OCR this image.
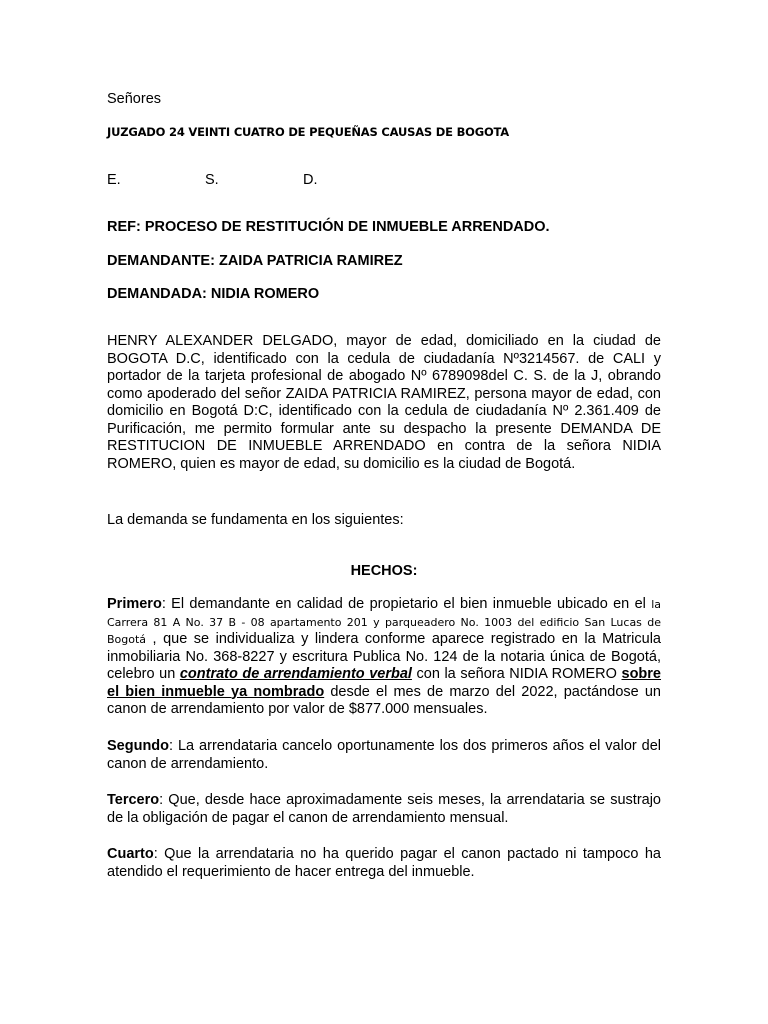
Señores
JUZGADO 24 VEINTI CUATRO DE PEQUEÑAS CAUSAS DE BOGOTA
E.	S.	D.
REF: PROCESO DE RESTITUCIÓN DE INMUEBLE ARRENDADO.
DEMANDANTE: ZAIDA PATRICIA RAMIREZ
DEMANDADA: NIDIA ROMERO
HENRY ALEXANDER DELGADO, mayor de edad, domiciliado en la ciudad de BOGOTA D.C, identificado con la cedula de ciudadanía Nº3214567. de CALI y portador de la tarjeta profesional de abogado Nº 6789098del C. S. de la J, obrando como apoderado del señor ZAIDA PATRICIA RAMIREZ, persona mayor de edad, con domicilio en Bogotá D:C, identificado con la cedula de ciudadanía Nº 2.361.409 de Purificación, me permito formular ante su despacho la presente DEMANDA DE RESTITUCION DE INMUEBLE ARRENDADO en contra de la señora NIDIA ROMERO, quien es mayor de edad, su domicilio es la ciudad de Bogotá.
La demanda se fundamenta en los siguientes:
HECHOS:
Primero: El demandante en calidad de propietario el bien inmueble ubicado en el la Carrera 81 A No. 37 B - 08 apartamento 201 y parqueadero No. 1003 del edificio San Lucas de Bogotá , que se individualiza y lindera conforme aparece registrado en la Matricula inmobiliaria No. 368-8227 y escritura Publica No. 124 de la notaria única de Bogotá, celebro un contrato de arrendamiento verbal con la señora NIDIA ROMERO sobre el bien inmueble ya nombrado desde el mes de marzo del 2022, pactándose un canon de arrendamiento por valor de $877.000 mensuales.
Segundo: La arrendataria cancelo oportunamente los dos primeros años el valor del canon de arrendamiento.
Tercero: Que, desde hace aproximadamente seis meses, la arrendataria se sustrajo de la obligación de pagar el canon de arrendamiento mensual.
Cuarto: Que la arrendataria no ha querido pagar el canon pactado ni tampoco ha atendido el requerimiento de hacer entrega del inmueble.
